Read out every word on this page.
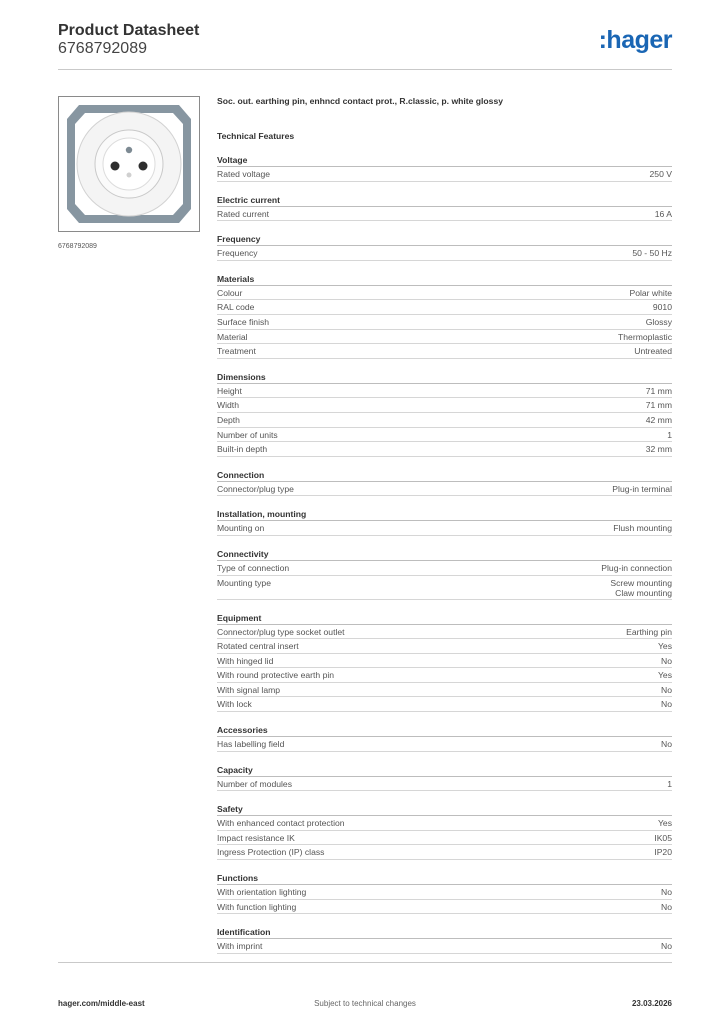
Product Datasheet
6768792089	:hager
6768792089
Soc. out. earthing pin, enhncd contact prot., R.classic, p. white glossy
Technical Features
Voltage
Rated voltage	250 V
Electric current
Rated current	16 A
Frequency
Frequency	50 - 50 Hz
Materials
Colour	Polar white
RAL code	9010
Surface finish	Glossy
Material	Thermoplastic
Treatment	Untreated
Dimensions
Height	71 mm
Width	71 mm
Depth	42 mm
Number of units	1
Built-in depth	32 mm
Connection
Connector/plug type	Plug-in terminal
Installation, mounting
Mounting on	Flush mounting
Connectivity
Type of connection	Plug-in connection
Mounting type	Screw mounting
Claw mounting
Equipment
Connector/plug type socket outlet	Earthing pin
Rotated central insert	Yes
With hinged lid	No
With round protective earth pin	Yes
With signal lamp	No
With lock	No
Accessories
Has labelling field	No
Capacity
Number of modules	1
Safety
With enhanced contact protection	Yes
Impact resistance IK	IK05
Ingress Protection (IP) class	IP20
Functions
With orientation lighting	No
With function lighting	No
Identification
With imprint	No
hager.com/middle-east	Subject to technical changes	23.03.2026
